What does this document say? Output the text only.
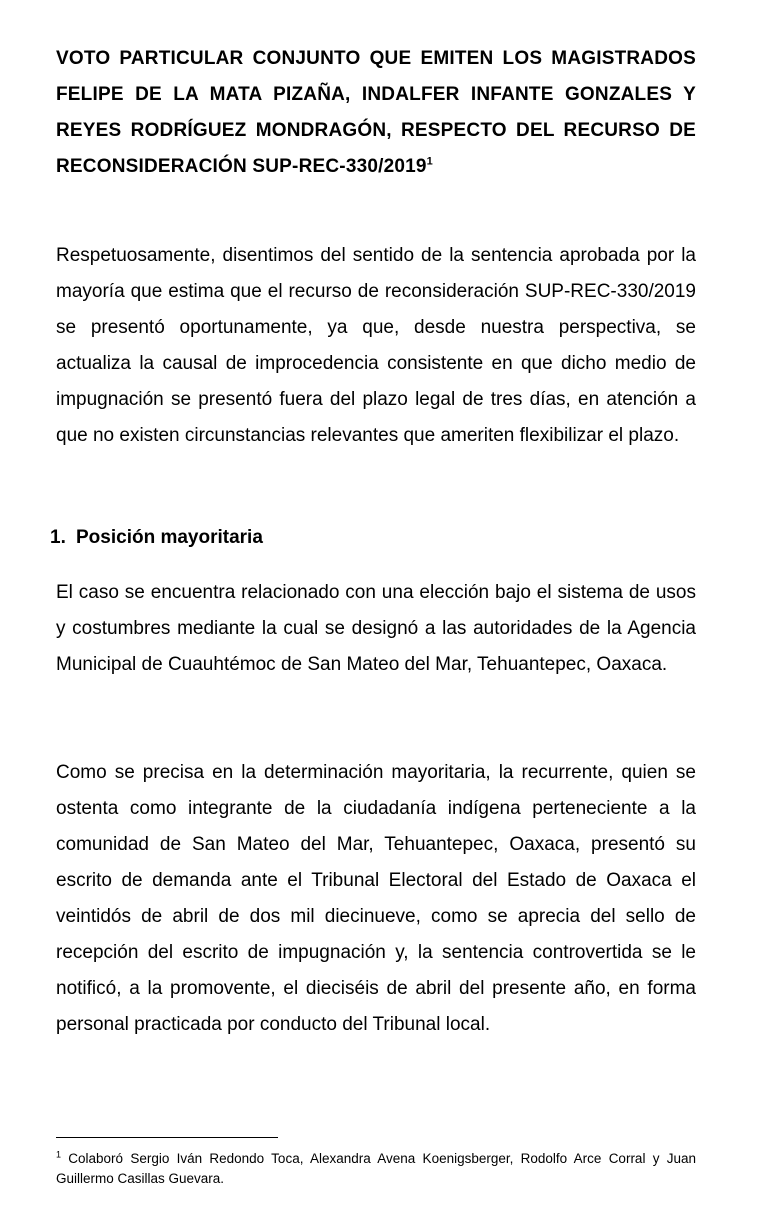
VOTO PARTICULAR CONJUNTO QUE EMITEN LOS MAGISTRADOS FELIPE DE LA MATA PIZAÑA, INDALFER INFANTE GONZALES Y REYES RODRÍGUEZ MONDRAGÓN, RESPECTO DEL RECURSO DE RECONSIDERACIÓN SUP-REC-330/2019$^1$
Respetuosamente, disentimos del sentido de la sentencia aprobada por la mayoría que estima que el recurso de reconsideración SUP-REC-330/2019 se presentó oportunamente, ya que, desde nuestra perspectiva, se actualiza la causal de improcedencia consistente en que dicho medio de impugnación se presentó fuera del plazo legal de tres días, en atención a que no existen circunstancias relevantes que ameriten flexibilizar el plazo.
1. Posición mayoritaria
El caso se encuentra relacionado con una elección bajo el sistema de usos y costumbres mediante la cual se designó a las autoridades de la Agencia Municipal de Cuauhtémoc de San Mateo del Mar, Tehuantepec, Oaxaca.
Como se precisa en la determinación mayoritaria, la recurrente, quien se ostenta como integrante de la ciudadanía indígena perteneciente a la comunidad de San Mateo del Mar, Tehuantepec, Oaxaca, presentó su escrito de demanda ante el Tribunal Electoral del Estado de Oaxaca el veintidós de abril de dos mil diecinueve, como se aprecia del sello de recepción del escrito de impugnación y, la sentencia controvertida se le notificó, a la promovente, el dieciséis de abril del presente año, en forma personal practicada por conducto del Tribunal local.
$^1$ Colaboró Sergio Iván Redondo Toca, Alexandra Avena Koenigsberger, Rodolfo Arce Corral y Juan Guillermo Casillas Guevara.
